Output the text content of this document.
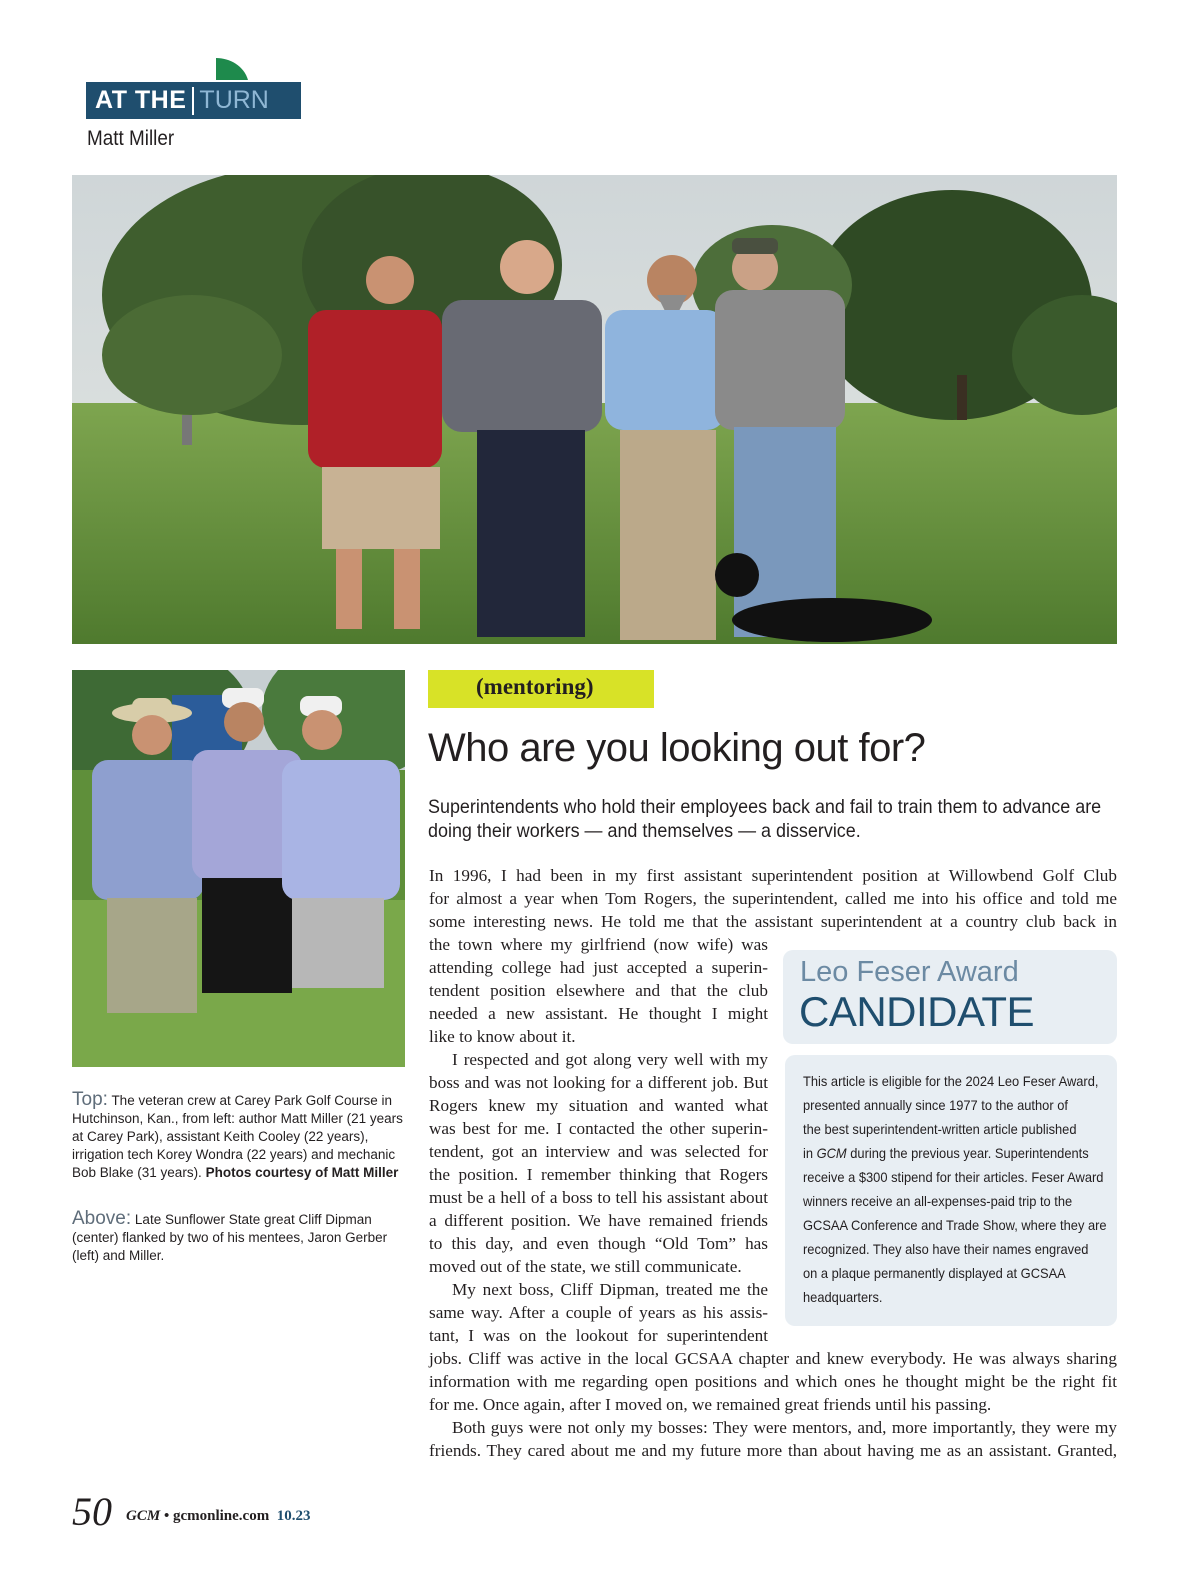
AT THE TURN
Matt Miller
Top: The veteran crew at Carey Park Golf Course in Hutchinson, Kan., from left: author Matt Miller (21 years at Carey Park), assistant Keith Cooley (22 years), irrigation tech Korey Wondra (22 years) and mechanic Bob Blake (31 years). Photos courtesy of Matt Miller
Above: Late Sunflower State great Cliff Dipman (center) flanked by two of his mentees, Jaron Gerber (left) and Miller.
(mentoring)
Who are you looking out for?
Superintendents who hold their employees back and fail to train them to advance are doing their workers — and themselves — a disservice.
In 1996, I had been in my first assistant superintendent position at Willowbend Golf Club
for almost a year when Tom Rogers, the superintendent, called me into his office and told me
some interesting news. He told me that the assistant superintendent at a country club back in
the town where my girlfriend (now wife) was
attending college had just accepted a superin-
tendent position elsewhere and that the club
needed a new assistant. He thought I might
like to know about it.
I respected and got along very well with my
boss and was not looking for a different job. But
Rogers knew my situation and wanted what
was best for me. I contacted the other superin-
tendent, got an interview and was selected for
the position. I remember thinking that Rogers
must be a hell of a boss to tell his assistant about
a different position. We have remained friends
to this day, and even though “Old Tom” has
moved out of the state, we still communicate.
My next boss, Cliff Dipman, treated me the
same way. After a couple of years as his assis-
tant, I was on the lookout for superintendent
jobs. Cliff was active in the local GCSAA chapter and knew everybody. He was always sharing
information with me regarding open positions and which ones he thought might be the right fit
for me. Once again, after I moved on, we remained great friends until his passing.
Both guys were not only my bosses: They were mentors, and, more importantly, they were my
friends. They cared about me and my future more than about having me as an assistant. Granted,
Leo Feser Award
CANDIDATE
This article is eligible for the 2024 Leo Feser Award,
presented annually since 1977 to the author of
the best superintendent-written article published
in GCM during the previous year. Superintendents
receive a $300 stipend for their articles. Feser Award
winners receive an all-expenses-paid trip to the
GCSAA Conference and Trade Show, where they are
recognized. They also have their names engraved
on a plaque permanently displayed at GCSAA
headquarters.
50 GCM • gcmonline.com 10.23
